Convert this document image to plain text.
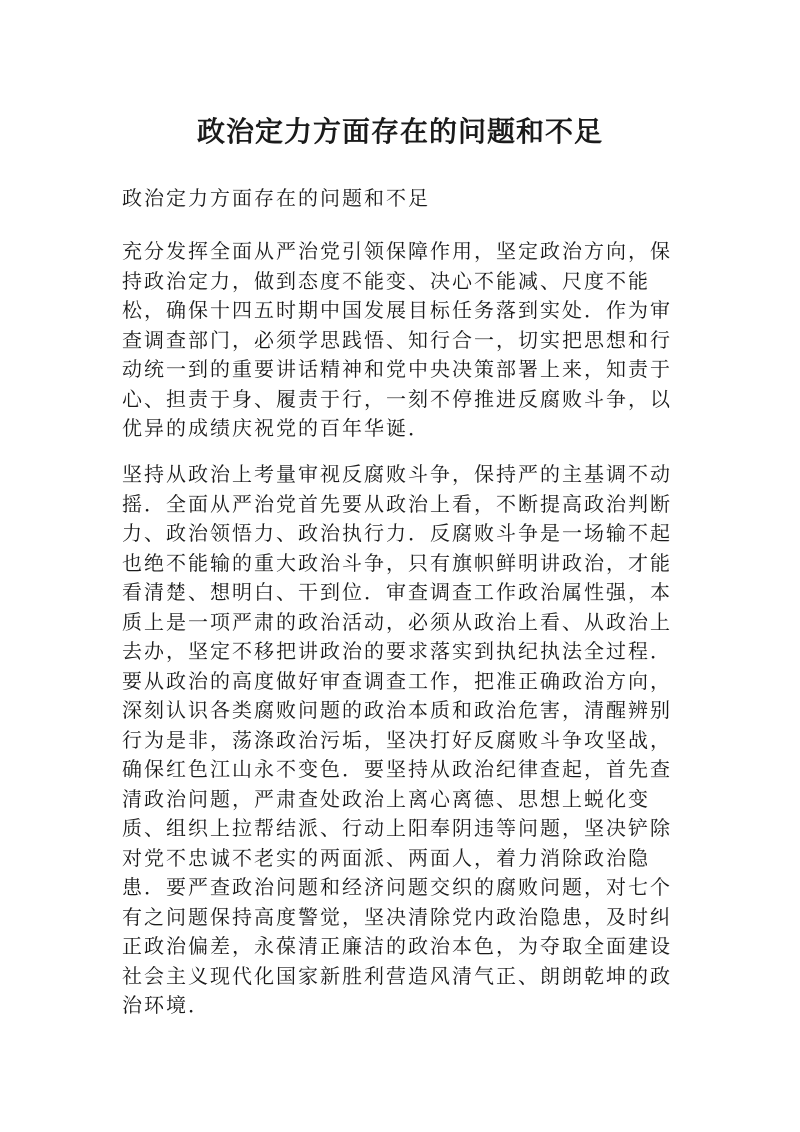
政治定力方面存在的问题和不足

政治定力方面存在的问题和不足

充分发挥全面从严治党引领保障作用，坚定政治方向，保持政治定力，做到态度不能变、决心不能减、尺度不能松，确保十四五时期中国发展目标任务落到实处．作为审查调查部门，必须学思践悟、知行合一，切实把思想和行动统一到的重要讲话精神和党中央决策部署上来，知责于心、担责于身、履责于行，一刻不停推进反腐败斗争，以优异的成绩庆祝党的百年华诞．

坚持从政治上考量审视反腐败斗争，保持严的主基调不动摇．全面从严治党首先要从政治上看，不断提高政治判断力、政治领悟力、政治执行力．反腐败斗争是一场输不起也绝不能输的重大政治斗争，只有旗帜鲜明讲政治，才能看清楚、想明白、干到位．审查调查工作政治属性强，本质上是一项严肃的政治活动，必须从政治上看、从政治上去办，坚定不移把讲政治的要求落实到执纪执法全过程．要从政治的高度做好审查调查工作，把准正确政治方向，深刻认识各类腐败问题的政治本质和政治危害，清醒辨别行为是非，荡涤政治污垢，坚决打好反腐败斗争攻坚战，确保红色江山永不变色．要坚持从政治纪律查起，首先查清政治问题，严肃查处政治上离心离德、思想上蜕化变质、组织上拉帮结派、行动上阳奉阴违等问题，坚决铲除对党不忠诚不老实的两面派、两面人，着力消除政治隐患．要严查政治问题和经济问题交织的腐败问题，对七个有之问题保持高度警觉，坚决清除党内政治隐患，及时纠正政治偏差，永葆清正廉洁的政治本色，为夺取全面建设社会主义现代化国家新胜利营造风清气正、朗朗乾坤的政治环境．
